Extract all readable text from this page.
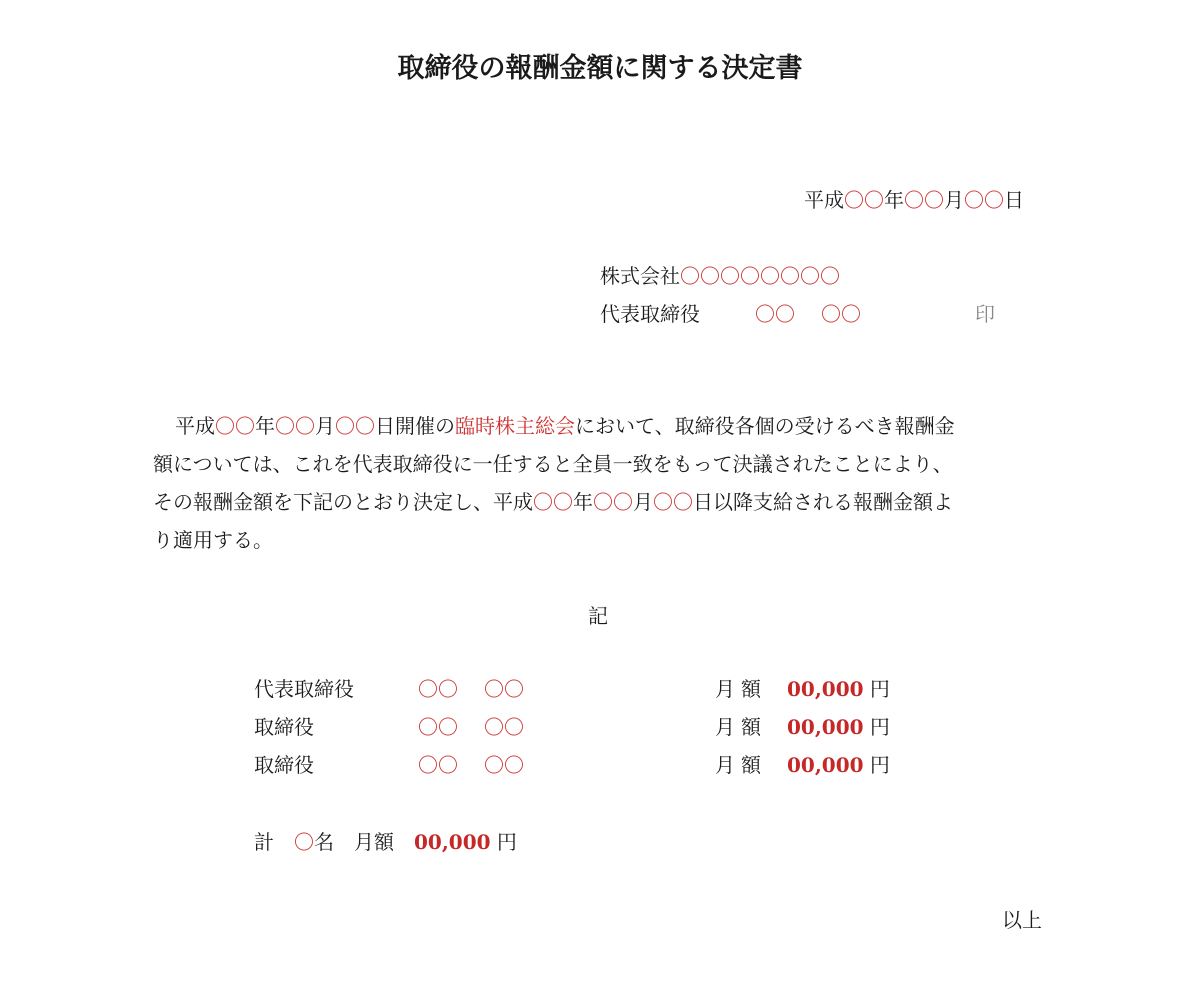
取締役の報酬金額に関する決定書
平成〇〇年〇〇月〇〇日
株式会社〇〇〇〇〇〇〇〇
代表取締役	〇〇 〇〇	印
平成〇〇年〇〇月〇〇日開催の臨時株主総会において、取締役各個の受けるべき報酬金
額については、これを代表取締役に一任すると全員一致をもって決議されたことにより、
その報酬金額を下記のとおり決定し、平成〇〇年〇〇月〇〇日以降支給される報酬金額よ
り適用する。
記
代表取締役	〇〇 〇〇	月額  00,000 円
取締役	〇〇 〇〇	月額  00,000 円
取締役	〇〇 〇〇	月額  00,000 円
計  〇名  月額  00,000 円
以上
